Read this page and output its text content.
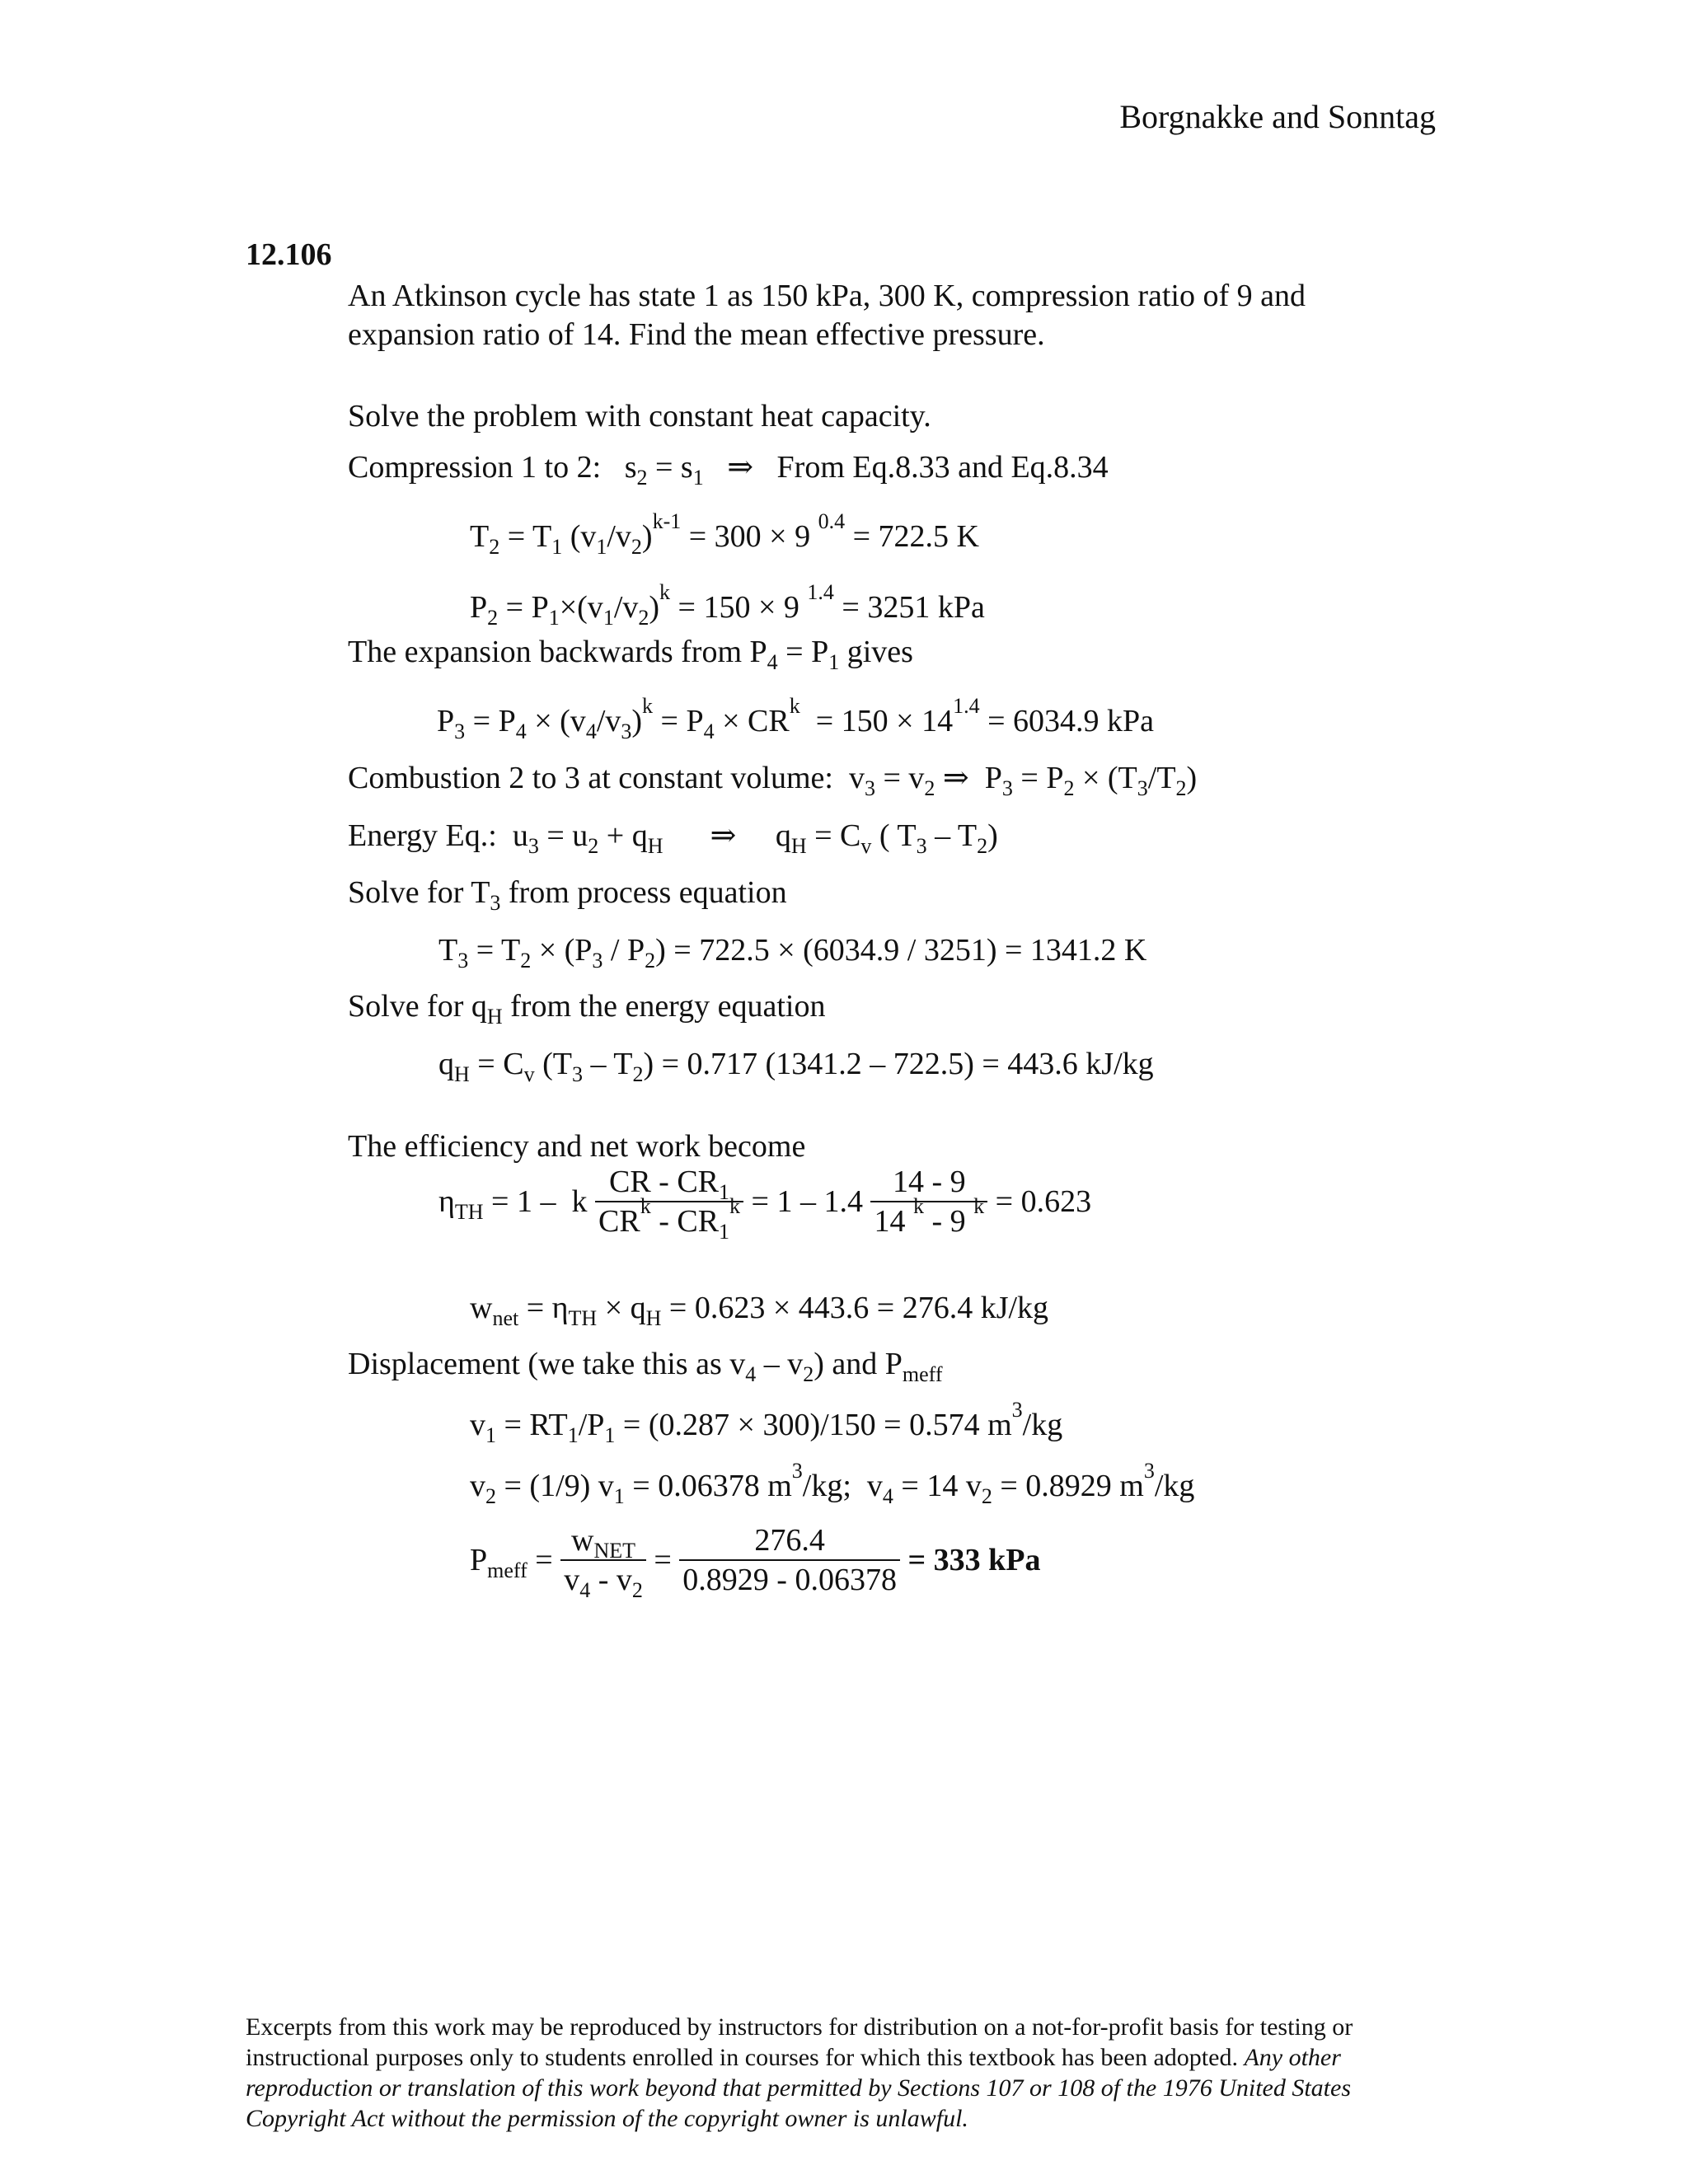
Borgnakke and Sonntag
12.106
An Atkinson cycle has state 1 as 150 kPa, 300 K, compression ratio of 9 and
expansion ratio of 14. Find the mean effective pressure.
Solve the problem with constant heat capacity.
Compression 1 to 2:   $s_2 = s_1$   ⇒   From Eq.8.33 and Eq.8.34
$T_2 = T_1$ $(v_1/v_2)^{k-1} = 300 \times 9$ $^{0.4}$ = 722.5 K
$P_2 = P_1\times(v_1/v_2)^k = 150 \times 9$ $^{1.4}$ = 3251 kPa
The expansion backwards from $P_4 = P_1$ gives
$P_3 = P_4 \times (v_4/v_3)^k = P_4 \times CR^k = 150 \times 14^{1.4} = 6034.9$ kPa
Combustion 2 to 3 at constant volume:  $v_3 = v_2$ ⇒  $P_3 = P_2 \times (T_3/T_2)$
Energy Eq.:  $u_3 = u_2 + q_H$      ⇒     $q_H = C_v$ ( $T_3 - T_2$)
Solve for $T_3$ from process equation
$T_3 = T_2 \times (P_3 / P_2) = 722.5 \times (6034.9 / 3251) = 1341.2$ K
Solve for $q_H$ from the energy equation
$q_H = C_v$ $(T_3 - T_2) = 0.717$ (1341.2 – 722.5) = 443.6 kJ/kg
The efficiency and net work become
$\eta_{TH} = 1 - k \frac{CR - CR_1}{CR^k - CR_1^k} = 1 - 1.4 \frac{14 - 9}{14 ^k - 9 ^k} = 0.623$
$w_{net} = \eta_{TH} \times q_H = 0.623 \times 443.6 = 276.4$ kJ/kg
Displacement (we take this as $v_4 - v_2$) and $P_{meff}$
$v_1 = RT_1/P_1 = (0.287 \times 300)/150 = 0.574$ $m^3/kg$
$v_2 = (1/9) v_1 = 0.06378$ $m^3/kg$;  $v_4 = 14$ $v_2 = 0.8929$ $m^3/kg$
$P_{meff} = \frac{w_{NET}}{v_4 - v_2} = \frac{276.4}{0.8929 - 0.06378} = 333$ kPa
Excerpts from this work may be reproduced by instructors for distribution on a not-for-profit basis for testing or instructional purposes only to students enrolled in courses for which this textbook has been adopted. Any other reproduction or translation of this work beyond that permitted by Sections 107 or 108 of the 1976 United States Copyright Act without the permission of the copyright owner is unlawful.
